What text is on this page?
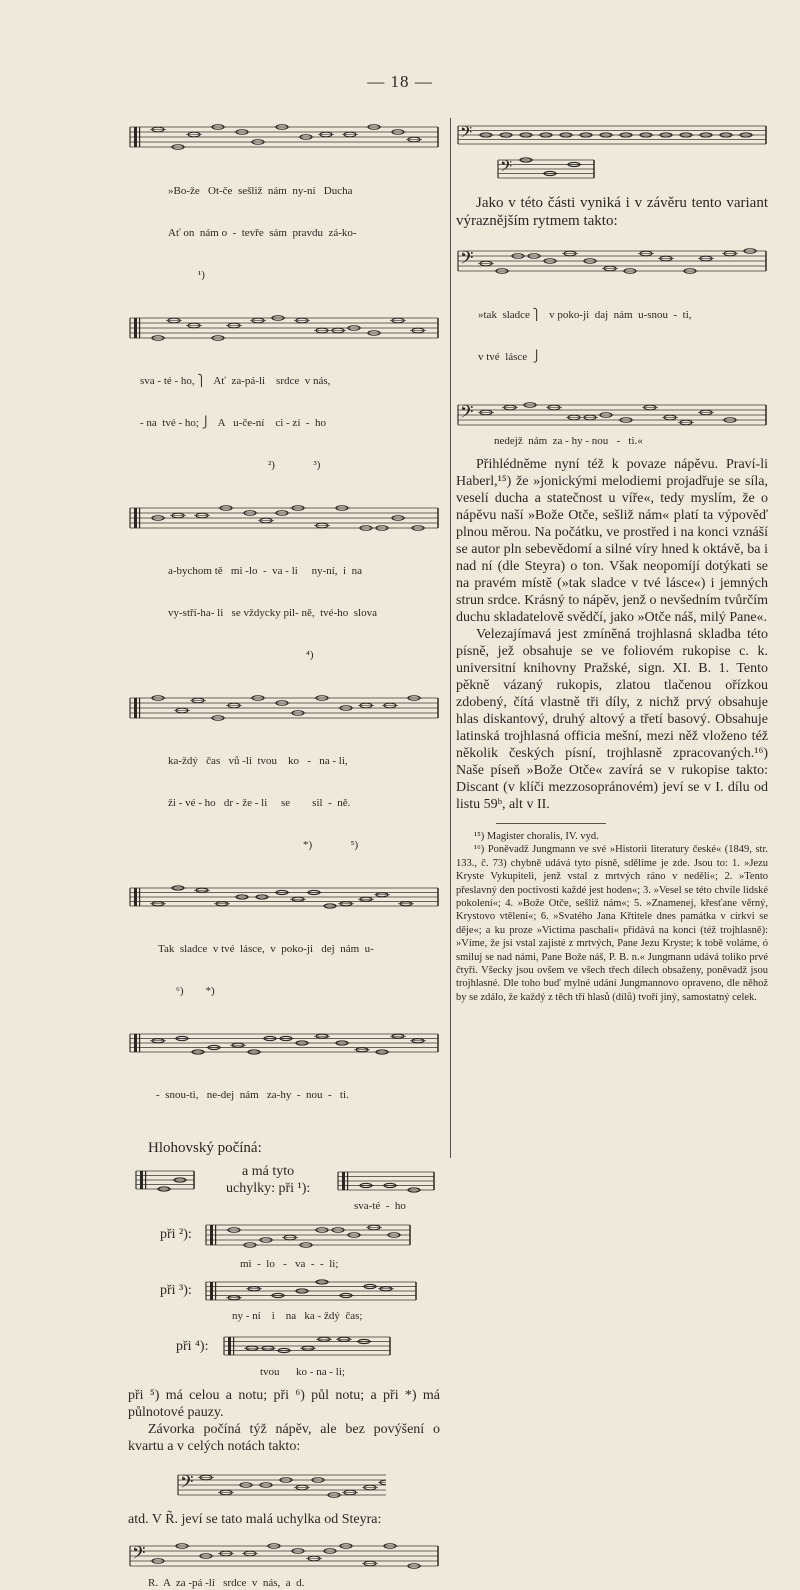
— 18 —

»Bo-že   Ot-če  sešliž  nám  ny-ní   Ducha

Ať on  nám o  -  tevře  sám  pravdu  zá-ko-

¹)

sva - té - ho, ⎫   Ať  za-pá-li    srdce  v nás,

- na  tvé - ho; ⎭   A   u-če-ní    ci - zí  -  ho

²)              ³)

a-bychom tě   mi -lo  -  va - li     ny-ní,  i  na

vy-stří-ha- li   se vždycky pil- ně,  tvé-ho  slova

⁴)

ka-ždý   čas   vů -li  tvou    ko   -   na - li,

ži - vé - ho   dr - že - li     se        sil  -  ně.

*)              ⁵)

Tak  sladce  v tvé  lásce,  v  poko-ji   dej  nám  u-

⁶)        *)

-  snou-ti,   ne-dej  nám   za-hy  -  nou  -   ti.

Hlohovský počíná:
a má tyto
uchylky: při ¹):
sva-té  -  ho
při ²):
mi  -  lo   -   va  -  -  li;
při ³):
ny - ní    i    na   ka - ždý  čas;
při ⁴):
tvou      ko - na - li;

při ⁵) má celou a notu; při ⁶) půl notu; a při *) má půlnotové pauzy.

Závorka počíná týž nápěv, ale bez povýšení o kvartu a v celých notách takto:

𝄢

atd. V R̃. jeví se tato malá uchylka od Steyra:

𝄢
R.  A  za -pá -li   srdce  v  nás,  a  d.
𝄢
𝄢

Jako v této části vyniká i v závěru tento variant výraznějším rytmem takto:

𝄢

»tak  sladce ⎫   v poko-ji  daj  nám  u-snou  -  ti,

v tvé  lásce  ⎭

𝄢
nedejž  nám  za - hy - nou   -   ti.«

Přihlédněme nyní též k povaze nápěvu. Praví-li Haberl,¹⁵) že »jonickými melodiemi projadřuje se síla, veselí ducha a statečnost u víře«, tedy myslím, že o nápěvu naší »Bože Otče, sešliž nám« platí ta výpověď plnou měrou. Na počátku, ve prostřed i na konci vznáší se autor pln sebevědomí a silné víry hned k oktávě, ba i nad ní (dle Steyra) o ton. Však neopomíjí dotýkati se na pravém místě (»tak sladce v tvé lásce«) i jemných strun srdce. Krásný to nápěv, jenž o nevšedním tvůrčím duchu skladatelově svědčí, jako »Otče náš, milý Pane«.

Velezajímavá jest zmíněná trojhlasná skladba této písně, jež obsahuje se ve foliovém rukopise c. k. universitní knihovny Pražské, sign. XI. B. 1. Tento pěkně vázaný rukopis, zlatou tlačenou ořízkou zdobený, čítá vlastně tři díly, z nichž prvý obsahuje hlas diskantový, druhý altový a třetí basový. Obsahuje latinská trojhlasná officia mešní, mezi něž vloženo též několik českých písní, trojhlasně zpracovaných.¹⁶) Naše píseň »Bože Otče« zavírá se v rukopise takto: Discant (v klíči mezzosopránovém) jeví se v I. dílu od listu 59ᵇ, alt v II.

¹⁵) Magister choralis, IV. vyd.

¹⁶) Poněvadž Jungmann ve své »Historii literatury české« (1849, str. 133., č. 73) chybně udává tyto písně, sdělíme je zde. Jsou to: 1. »Jezu Kryste Vykupiteli, jenž vstal z mrtvých ráno v neděli«; 2. »Tento přeslavný den poctivosti každé jest hoden«; 3. »Vesel se této chvíle lidské pokolení«; 4. »Bože Otče, sešliž nám«; 5. »Znamenej, křesťane věrný, Krystovo vtělení«; 6. »Svatého Jana Křtitele dnes památka v církvi se děje«; a ku prozе »Victima paschali« přidává na konci (též trojhlasně): »Víme, že jsi vstal zajisté z mrtvých, Pane Jezu Kryste; k tobě voláme, ó smiluj se nad námi, Pane Bože náš, P. B. n.« Jungmann udává toliko prvé čtyři. Všecky jsou ovšem ve všech třech dílech obsaženy, poněvadž jsou trojhlasné. Dle toho buď mylné udání Jungmannovo opraveno, dle něhož by se zdálo, že každý z těch tří hlasů (dílů) tvoří jiný, samostatný celek.
